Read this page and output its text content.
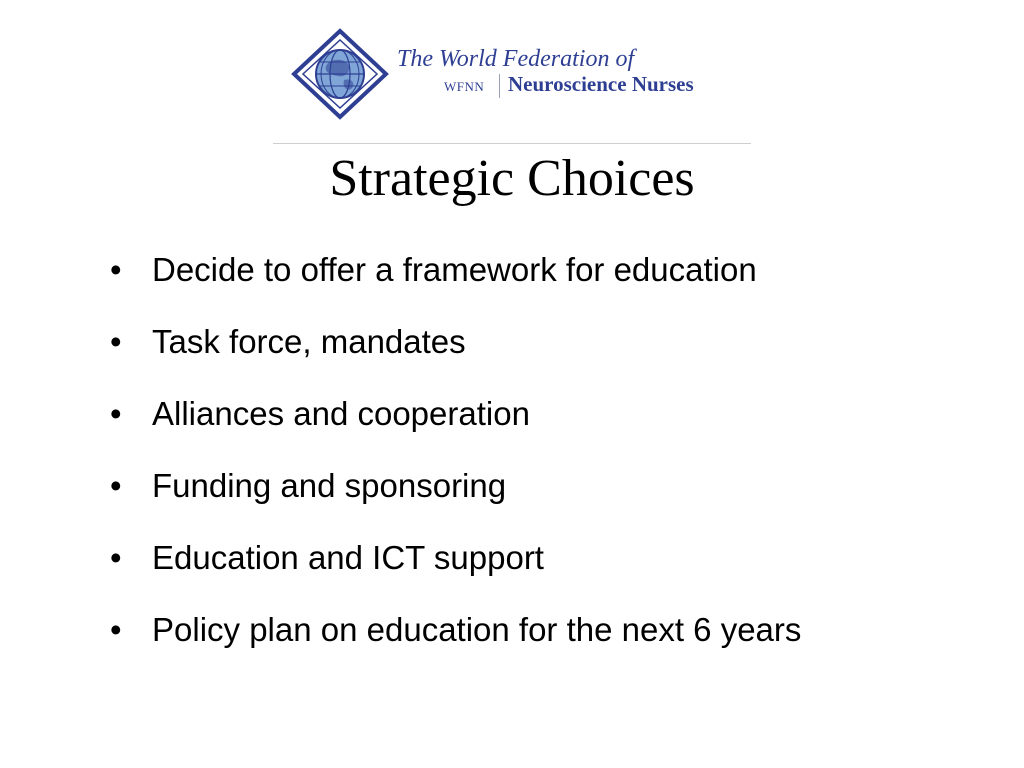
The World Federation of
WFNN Neuroscience Nurses
Strategic Choices
• Decide to offer a framework for education
• Task force, mandates
• Alliances and cooperation
• Funding and sponsoring
• Education and ICT support
• Policy plan on education for the next 6 years
